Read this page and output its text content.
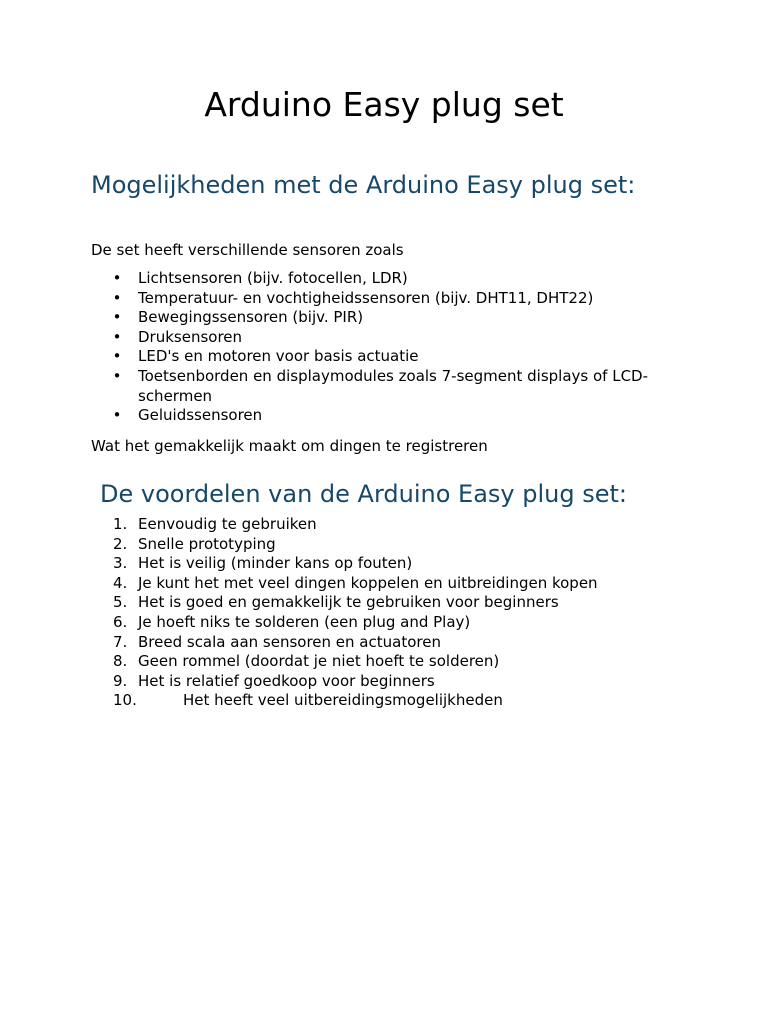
Arduino Easy plug set
Mogelijkheden met de Arduino Easy plug set:

De set heeft verschillende sensoren zoals

• Lichtsensoren (bijv. fotocellen, LDR)
• Temperatuur- en vochtigheidssensoren (bijv. DHT11, DHT22)
• Bewegingssensoren (bijv. PIR)
• Druksensoren
• LED's en motoren voor basis actuatie
• Toetsenborden en displaymodules zoals 7-segment displays of LCD-schermen
• Geluidssensoren

Wat het gemakkelijk maakt om dingen te registreren

De voordelen van de Arduino Easy plug set:
1. Eenvoudig te gebruiken
2. Snelle prototyping
3. Het is veilig (minder kans op fouten)
4. Je kunt het met veel dingen koppelen en uitbreidingen kopen
5. Het is goed en gemakkelijk te gebruiken voor beginners
6. Je hoeft niks te solderen (een plug and Play)
7. Breed scala aan sensoren en actuatoren
8. Geen rommel (doordat je niet hoeft te solderen)
9. Het is relatief goedkoop voor beginners
10.	Het heeft veel uitbereidingsmogelijkheden
